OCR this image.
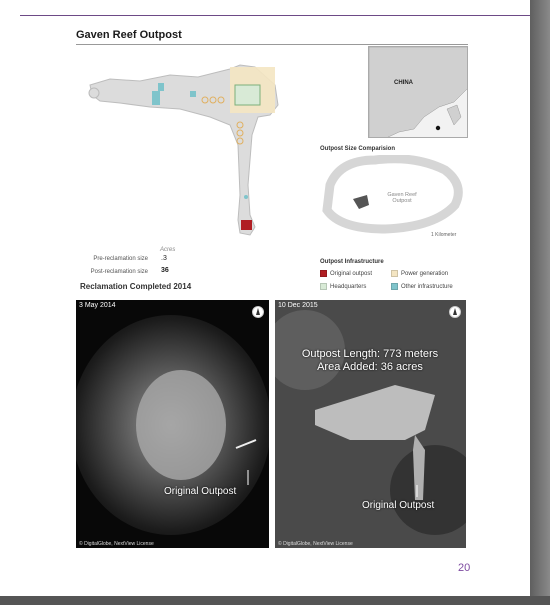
Gaven Reef Outpost
CHINA
Outpost Size Comparision
Gaven Reef Outpost
1 Kilometer
Acres
Pre-reclamation size .3
Post-reclamation size 36
Reclamation Completed 2014
Outpost Infrastructure
Original outpost	Power generation
Headquarters	Other infrastructure
3 May 2014
Original Outpost
© DigitalGlobe, NextView License
10 Dec 2015
Outpost Length: 773 meters
Area Added: 36 acres
Original Outpost
© DigitalGlobe, NextView License
20
